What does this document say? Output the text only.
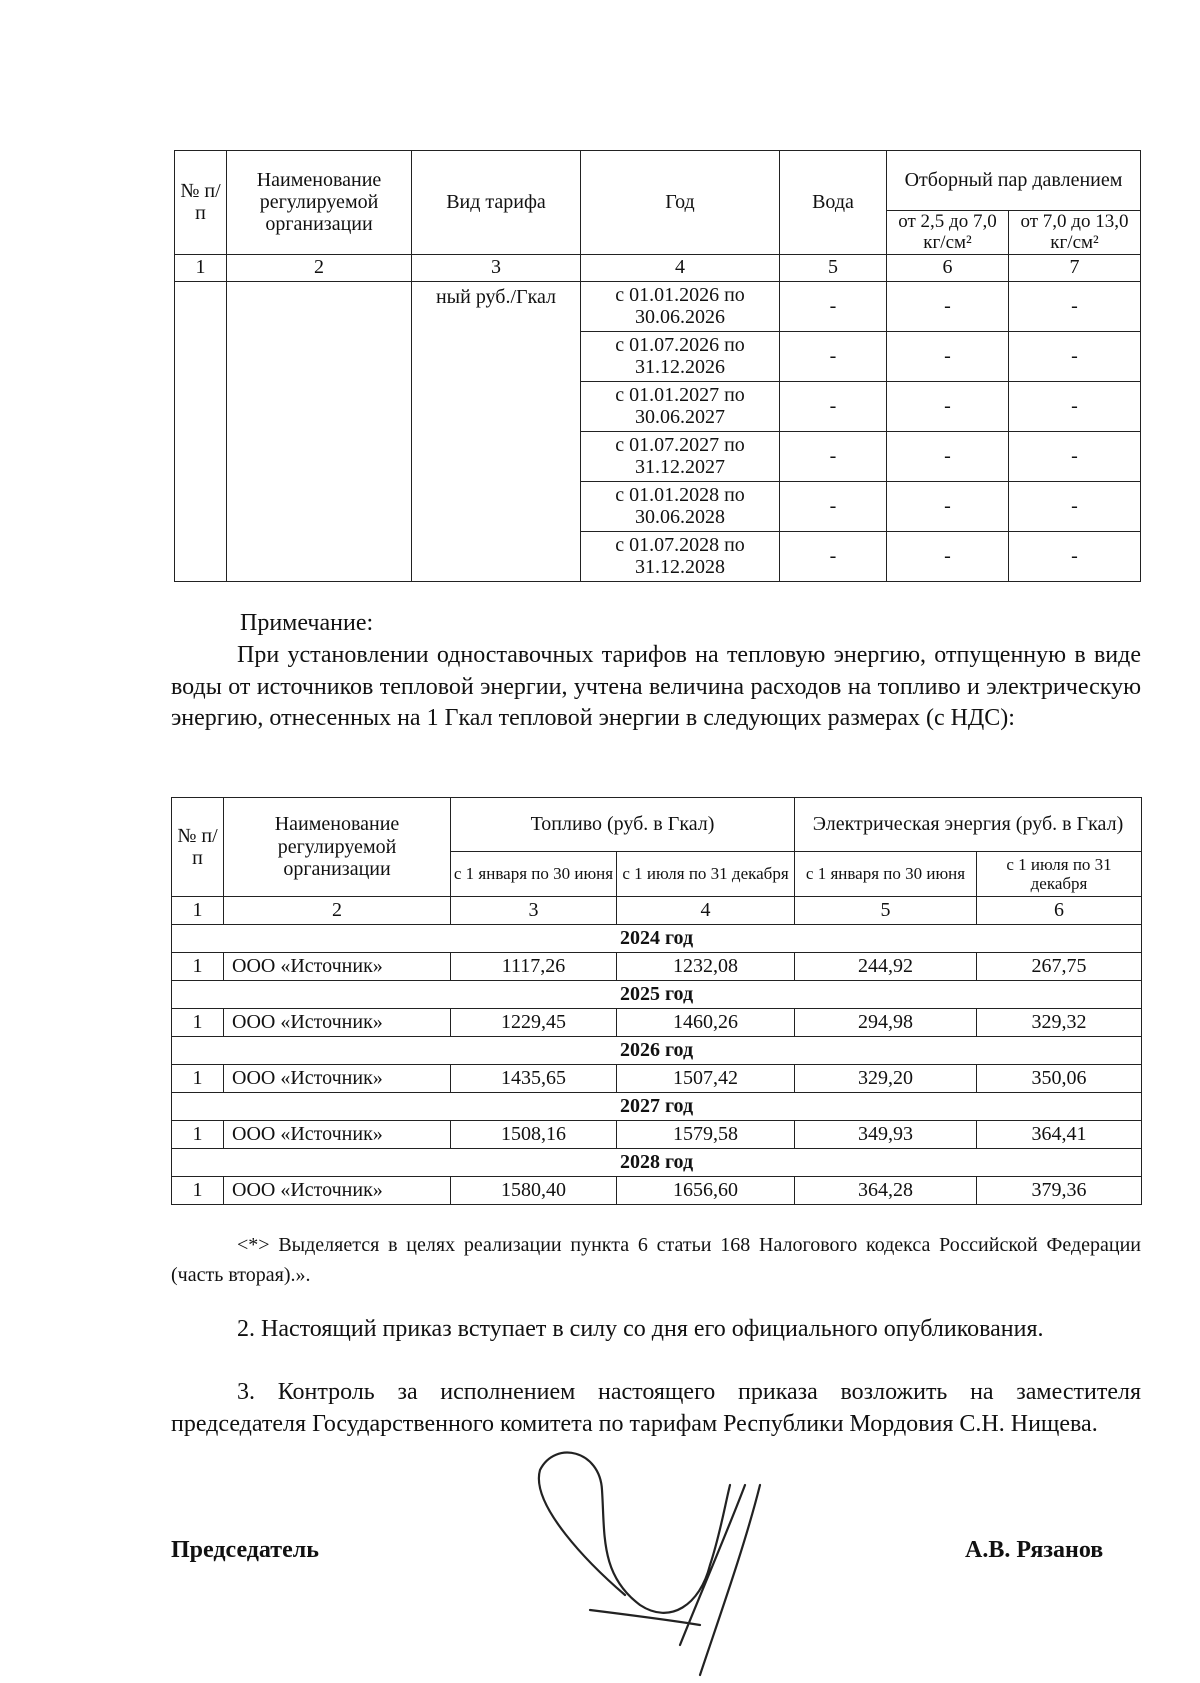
№ п/п	Наименование регулируемой организации	Вид тарифа	Год	Вода	Отборный пар давлением	
					от 2,5 до 7,0 кг/см²	от 7,0 до 13,0 кг/см²
1	2	3	4	5	6	7
		ный руб./Гкал	с 01.01.2026 по 30.06.2026	-	-	-
			с 01.07.2026 по 31.12.2026	-	-	-
			с 01.01.2027 по 30.06.2027	-	-	-
			с 01.07.2027 по 31.12.2027	-	-	-
			с 01.01.2028 по 30.06.2028	-	-	-
			с 01.07.2028 по 31.12.2028	-	-	-
Примечание:
При установлении одноставочных тарифов на тепловую энергию, отпущенную в виде воды от источников тепловой энергии, учтена величина расходов на топливо и электрическую энергию, отнесенных на 1 Гкал тепловой энергии в следующих размерах (с НДС):
№ п/п	Наименование регулируемой организации	Топливо (руб. в Гкал)		Электрическая энергия (руб. в Гкал)	
		с 1 января по 30 июня	с 1 июля по 31 декабря	с 1 января по 30 июня	с 1 июля по 31 декабря
1	2	3	4	5	6
2024 год					
1	ООО «Источник»	1117,26	1232,08	244,92	267,75
2025 год					
1	ООО «Источник»	1229,45	1460,26	294,98	329,32
2026 год					
1	ООО «Источник»	1435,65	1507,42	329,20	350,06
2027 год					
1	ООО «Источник»	1508,16	1579,58	349,93	364,41
2028 год					
1	ООО «Источник»	1580,40	1656,60	364,28	379,36
<*> Выделяется в целях реализации пункта 6 статьи 168 Налогового кодекса Российской Федерации (часть вторая).».
2. Настоящий приказ вступает в силу со дня его официального опубликования.
3. Контроль за исполнением настоящего приказа возложить на заместителя председателя Государственного комитета по тарифам Республики Мордовия С.Н. Нищева.
Председатель	А.В. Рязанов
